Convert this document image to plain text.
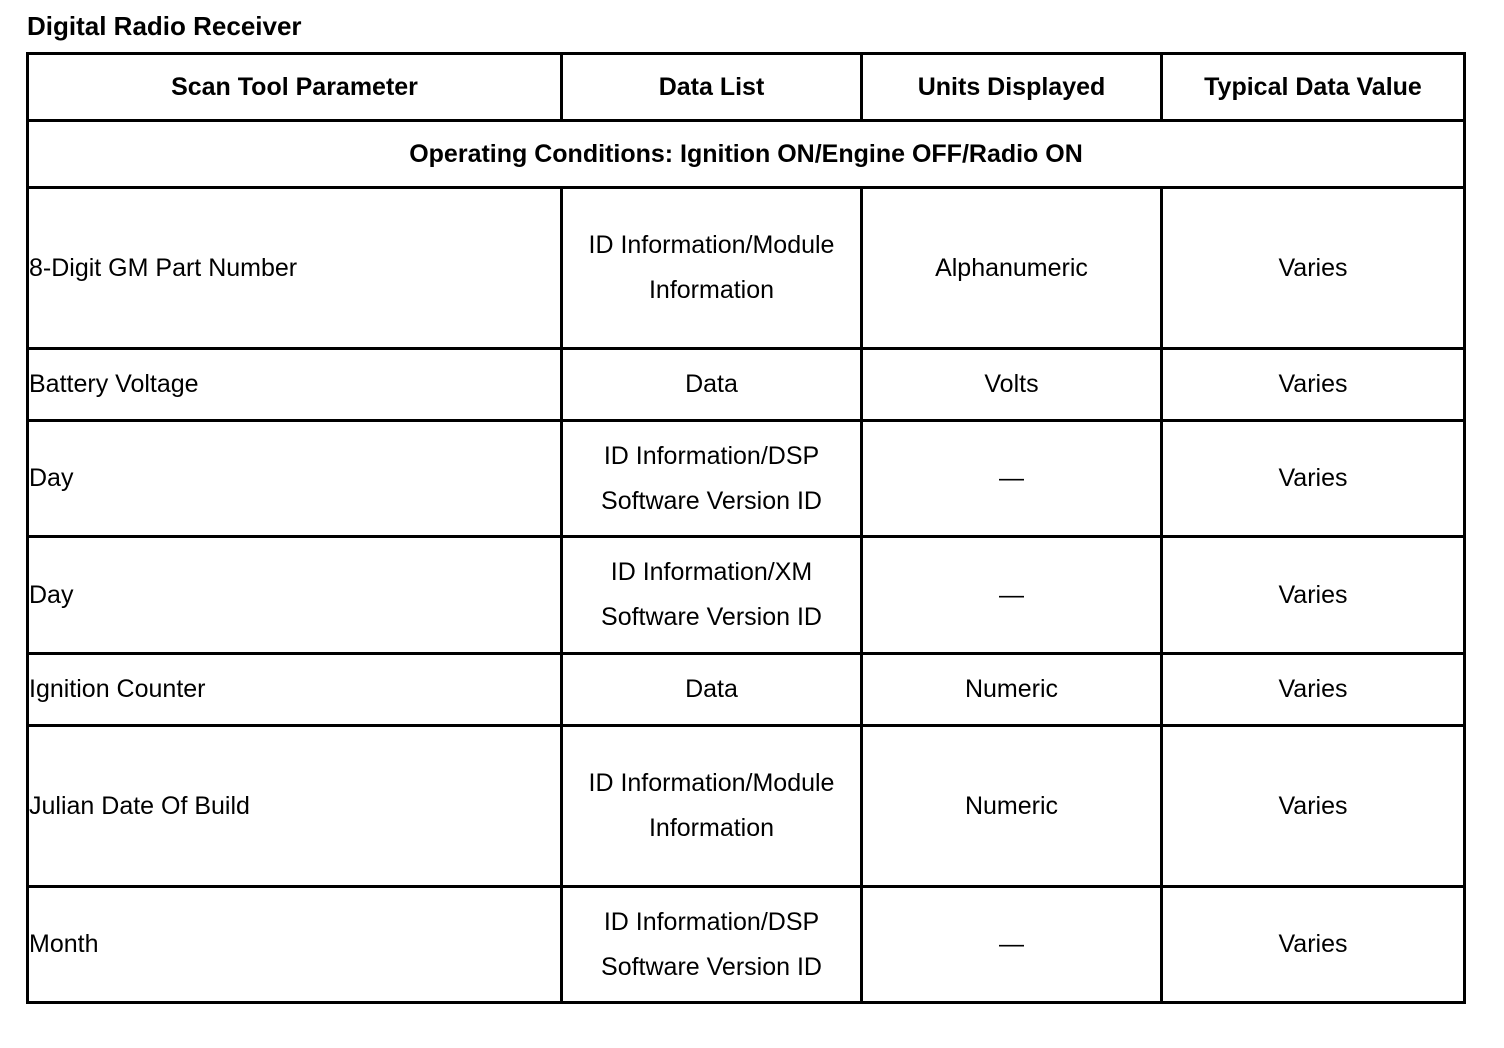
Digital Radio Receiver
Scan Tool Parameter	Data List	Units Displayed	Typical Data Value
Operating Conditions: Ignition ON/Engine OFF/Radio ON			
8-Digit GM Part Number	ID Information/Module Information	Alphanumeric	Varies
Battery Voltage	Data	Volts	Varies
Day	ID Information/DSP Software Version ID	—	Varies
Day	ID Information/XM Software Version ID	—	Varies
Ignition Counter	Data	Numeric	Varies
Julian Date Of Build	ID Information/Module Information	Numeric	Varies
Month	ID Information/DSP Software Version ID	—	Varies
